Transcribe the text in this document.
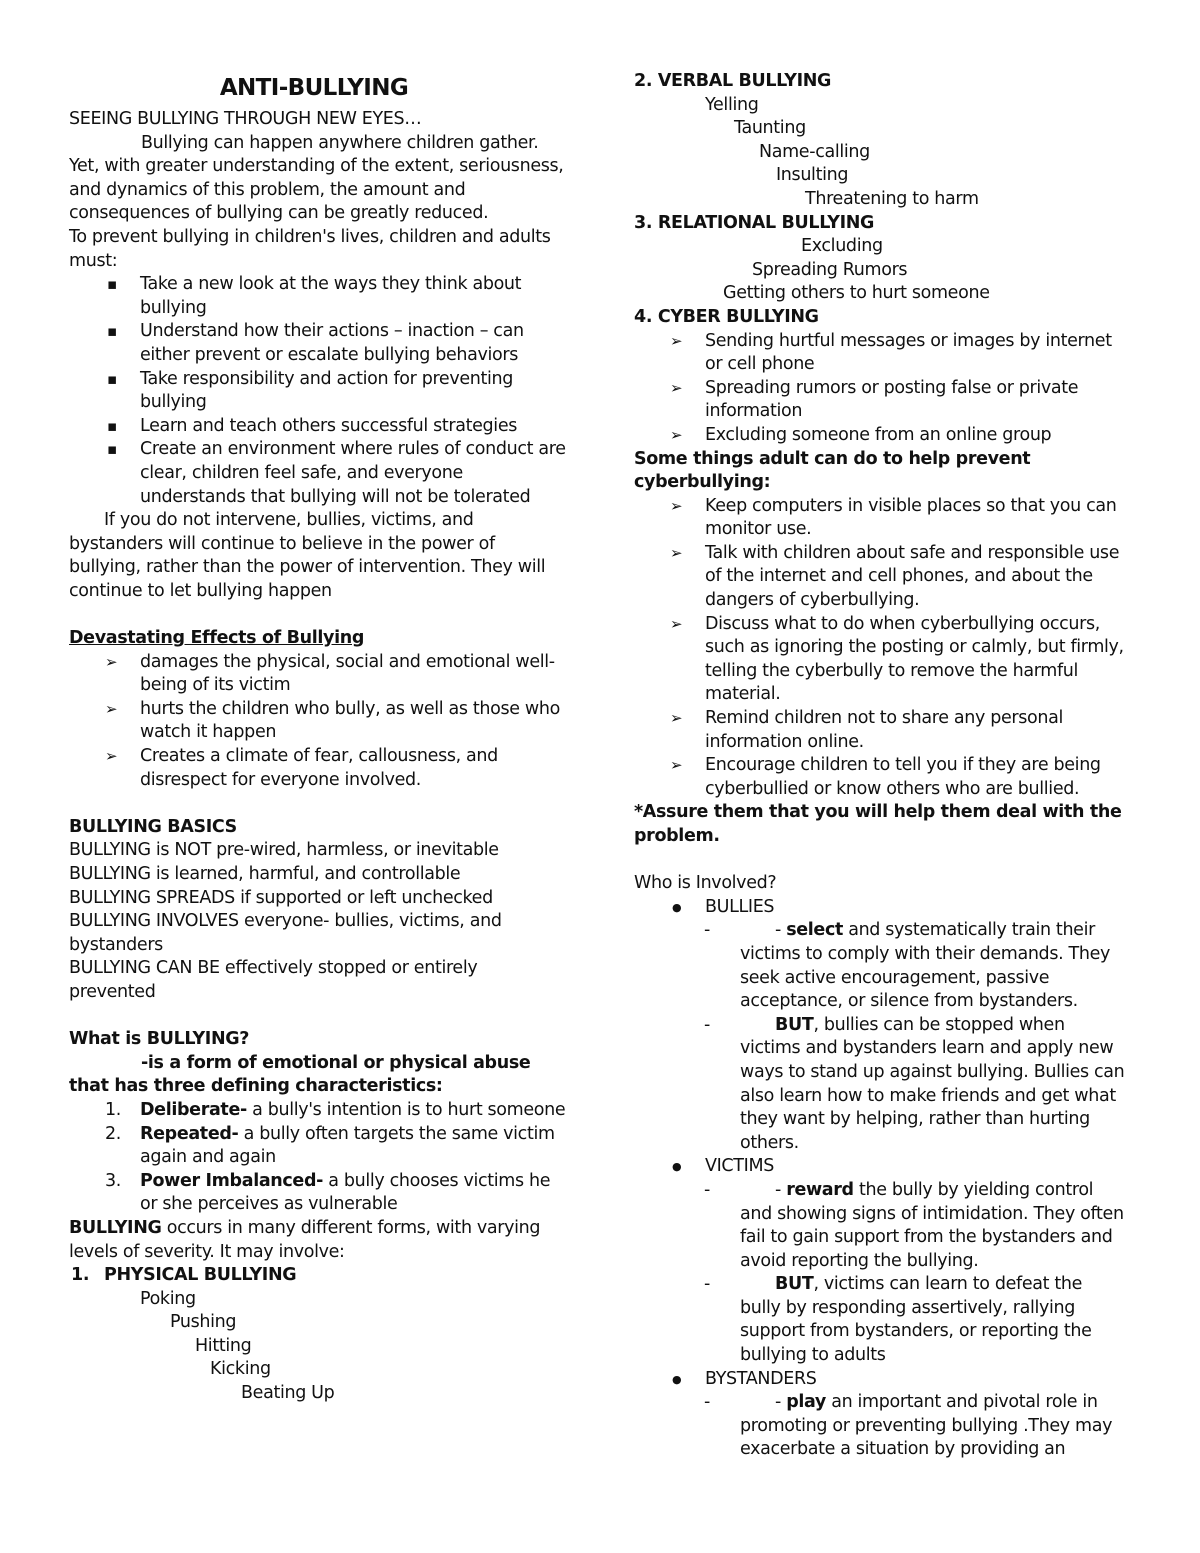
ANTI-BULLYING

SEEING BULLYING THROUGH NEW EYES…

Bullying can happen anywhere children gather. Yet, with greater understanding of the extent, seriousness, and dynamics of this problem, the amount and consequences of bullying can be greatly reduced.

To prevent bullying in children's lives, children and adults must:

▪ Take a new look at the ways they think about bullying
▪ Understand how their actions – inaction – can either prevent or escalate bullying behaviors
▪ Take responsibility and action for preventing bullying
▪ Learn and teach others successful strategies
▪ Create an environment where rules of conduct are clear, children feel safe, and everyone understands that bullying will not be tolerated

If you do not intervene, bullies, victims, and bystanders will continue to believe in the power of bullying, rather than the power of intervention. They will continue to let bullying happen

Devastating Effects of Bullying

➢ damages the physical, social and emotional well-being of its victim
➢ hurts the children who bully, as well as those who watch it happen
➢ Creates a climate of fear, callousness, and disrespect for everyone involved.

BULLYING BASICS

BULLYING is NOT pre-wired, harmless, or inevitable

BULLYING is learned, harmful, and controllable

BULLYING SPREADS if supported or left unchecked

BULLYING INVOLVES everyone- bullies, victims, and bystanders

BULLYING CAN BE effectively stopped or entirely prevented

What is BULLYING?

-is a form of emotional or physical abuse that has three defining characteristics:

1. Deliberate- a bully's intention is to hurt someone
2. Repeated- a bully often targets the same victim again and again
3. Power Imbalanced- a bully chooses victims he or she perceives as vulnerable

BULLYING occurs in many different forms, with varying levels of severity. It may involve:

1. PHYSICAL BULLYING

Poking

Pushing

Hitting

Kicking

Beating Up

2. VERBAL BULLYING

Yelling

Taunting

Name-calling

Insulting

Threatening to harm

3. RELATIONAL BULLYING

Excluding

Spreading Rumors

Getting others to hurt someone

4. CYBER BULLYING

➢ Sending hurtful messages or images by internet or cell phone
➢ Spreading rumors or posting false or private information
➢ Excluding someone from an online group

Some things adult can do to help prevent cyberbullying:

➢ Keep computers in visible places so that you can monitor use.
➢ Talk with children about safe and responsible use of the internet and cell phones, and about the dangers of cyberbullying.
➢ Discuss what to do when cyberbullying occurs, such as ignoring the posting or calmly, but firmly, telling the cyberbully to remove the harmful material.
➢ Remind children not to share any personal information online.
➢ Encourage children to tell you if they are being cyberbullied or know others who are bullied.

*Assure them that you will help them deal with the problem.

Who is Involved?

● BULLIES
-	- select and systematically train their

victims to comply with their demands. They seek active encouragement, passive acceptance, or silence from bystanders.

-	BUT, bullies can be stopped when

victims and bystanders learn and apply new ways to stand up against bullying. Bullies can also learn how to make friends and get what they want by helping, rather than hurting others.

● VICTIMS
-	- reward the bully by yielding control

and showing signs of intimidation. They often fail to gain support from the bystanders and avoid reporting the bullying.

-	BUT, victims can learn to defeat the

bully by responding assertively, rallying support from bystanders, or reporting the bullying to adults

● BYSTANDERS
-	- play an important and pivotal role in

promoting or preventing bullying .They may exacerbate a situation by providing an
